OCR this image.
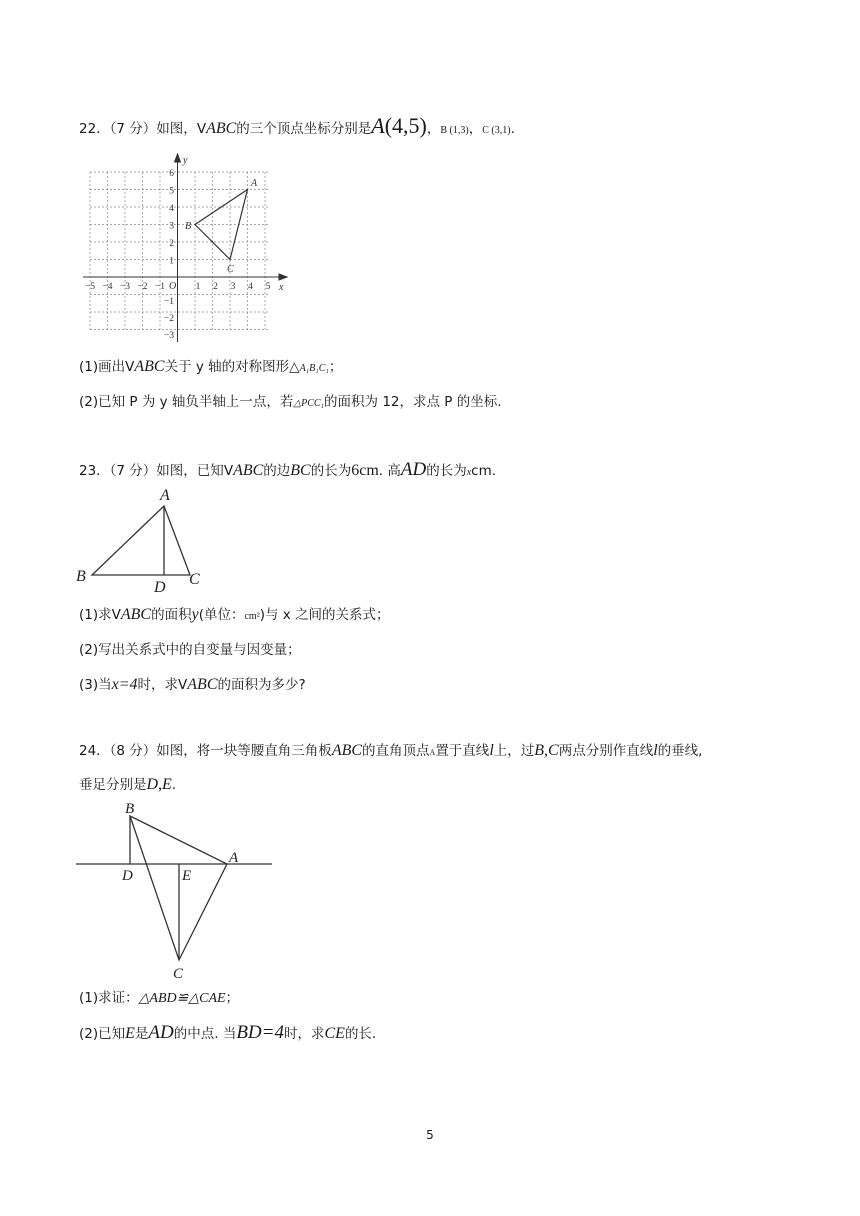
22．（7 分）如图，VABC的三个顶点坐标分别是A(4,5)，B (1,3)，C (3,1).
−5 −4 −3 −2 −1	1 2 3 4 5
6
5
4
3
2
1
−1
−2
−3
O	x
y
A
B
C
(1)画出VABC关于 y 轴的对称图形△A₁B₁C₁；
(2)已知 P 为 y 轴负半轴上一点，若△PCC₁的面积为 12，求点 P 的坐标.
23．（7 分）如图，已知VABC的边BC的长为6cm. 高AD的长为xcm.
A
B	C
D
(1)求VABC的面积y(单位：cm²)与 x 之间的关系式；
(2)写出关系式中的自变量与因变量；
(3)当x=4时，求VABC的面积为多少?
24．（8 分）如图，将一块等腰直角三角板ABC的直角顶点A置于直线l上，过B,C两点分别作直线l的垂线,
垂足分别是D,E.
B
A
D	E
C
(1)求证：△ABD≌△CAE；
(2)已知E是AD的中点. 当BD=4时，求CE的长.
5
